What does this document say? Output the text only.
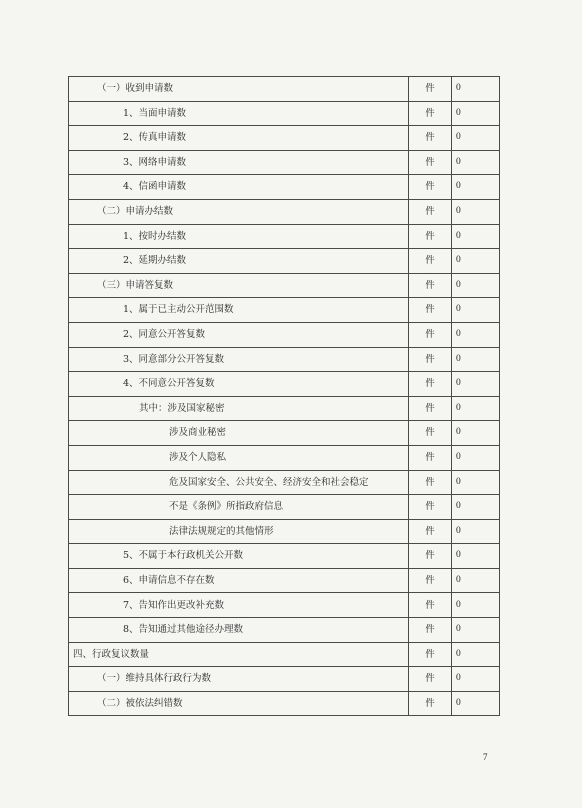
（一）收到申请数	件	0
1、当面申请数	件	0
2、传真申请数	件	0
3、网络申请数	件	0
4、信函申请数	件	0
（二）申请办结数	件	0
1、按时办结数	件	0
2、延期办结数	件	0
（三）申请答复数	件	0
1、属于已主动公开范围数	件	0
2、同意公开答复数	件	0
3、同意部分公开答复数	件	0
4、不同意公开答复数	件	0
其中：涉及国家秘密	件	0
涉及商业秘密	件	0
涉及个人隐私	件	0
危及国家安全、公共安全、经济安全和社会稳定	件	0
不是《条例》所指政府信息	件	0
法律法规规定的其他情形	件	0
5、不属于本行政机关公开数	件	0
6、申请信息不存在数	件	0
7、告知作出更改补充数	件	0
8、告知通过其他途径办理数	件	0
四、行政复议数量	件	0
（一）维持具体行政行为数	件	0
（二）被依法纠错数	件	0
7
